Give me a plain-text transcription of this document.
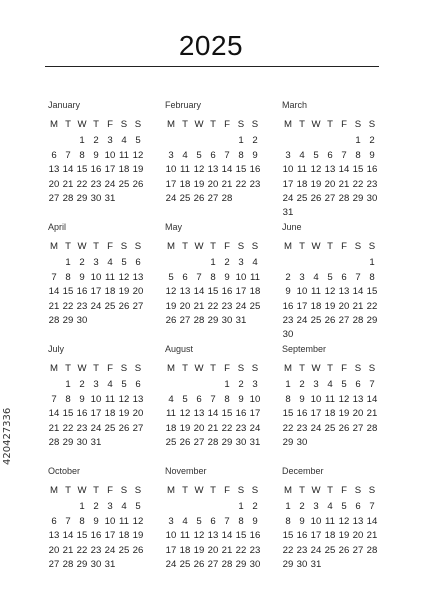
2025
January
M T W T F S S
1 2 3 4 5
6 7 8 9 10 11 12
13 14 15 16 17 18 19
20 21 22 23 24 25 26
27 28 29 30 31
February
M T W T F S S
1 2
3 4 5 6 7 8 9
10 11 12 13 14 15 16
17 18 19 20 21 22 23
24 25 26 27 28
March
M T W T F S S
1 2
3 4 5 6 7 8 9
10 11 12 13 14 15 16
17 18 19 20 21 22 23
24 25 26 27 28 29 30
31
April
M T W T F S S
1 2 3 4 5 6
7 8 9 10 11 12 13
14 15 16 17 18 19 20
21 22 23 24 25 26 27
28 29 30
May
M T W T F S S
1 2 3 4
5 6 7 8 9 10 11
12 13 14 15 16 17 18
19 20 21 22 23 24 25
26 27 28 29 30 31
June
M T W T F S S
1
2 3 4 5 6 7 8
9 10 11 12 13 14 15
16 17 18 19 20 21 22
23 24 25 26 27 28 29
30
July
M T W T F S S
1 2 3 4 5 6
7 8 9 10 11 12 13
14 15 16 17 18 19 20
21 22 23 24 25 26 27
28 29 30 31
August
M T W T F S S
1 2 3
4 5 6 7 8 9 10
11 12 13 14 15 16 17
18 19 20 21 22 23 24
25 26 27 28 29 30 31
September
M T W T F S S
1 2 3 4 5 6 7
8 9 10 11 12 13 14
15 16 17 18 19 20 21
22 23 24 25 26 27 28
29 30
October
M T W T F S S
1 2 3 4 5
6 7 8 9 10 11 12
13 14 15 16 17 18 19
20 21 22 23 24 25 26
27 28 29 30 31
November
M T W T F S S
1 2
3 4 5 6 7 8 9
10 11 12 13 14 15 16
17 18 19 20 21 22 23
24 25 26 27 28 29 30
December
M T W T F S S
1 2 3 4 5 6 7
8 9 10 11 12 13 14
15 16 17 18 19 20 21
22 23 24 25 26 27 28
29 30 31
420427336
